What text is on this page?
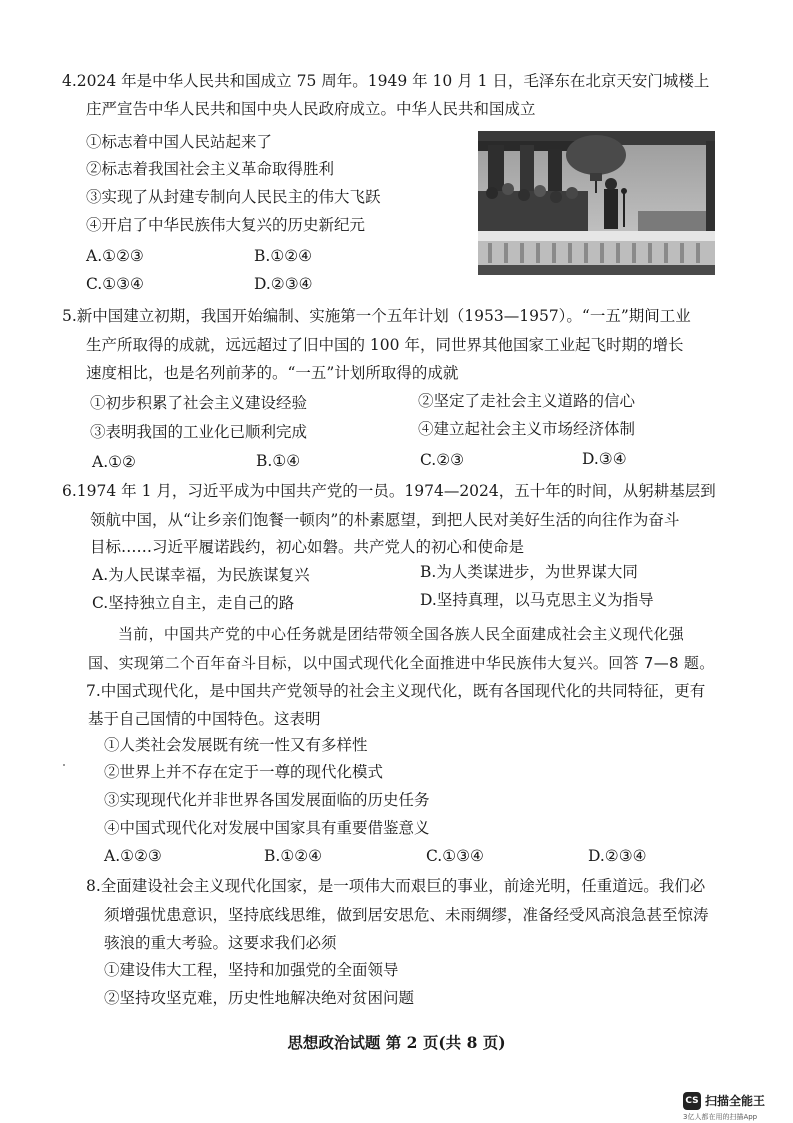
4.2024 年是中华人民共和国成立 75 周年。1949 年 10 月 1 日，毛泽东在北京天安门城楼上
庄严宣告中华人民共和国中央人民政府成立。中华人民共和国成立
①标志着中国人民站起来了
②标志着我国社会主义革命取得胜利
③实现了从封建专制向人民民主的伟大飞跃
④开启了中华民族伟大复兴的历史新纪元
A.①②③	B.①②④
C.①③④	D.②③④
5.新中国建立初期，我国开始编制、实施第一个五年计划（1953—1957）。“一五”期间工业
生产所取得的成就，远远超过了旧中国的 100 年，同世界其他国家工业起飞时期的增长
速度相比，也是名列前茅的。“一五”计划所取得的成就
①初步积累了社会主义建设经验	②坚定了走社会主义道路的信心
③表明我国的工业化已顺利完成	④建立起社会主义市场经济体制
A.①②	B.①④	C.②③	D.③④
6.1974 年 1 月，习近平成为中国共产党的一员。1974—2024，五十年的时间，从躬耕基层到
领航中国，从“让乡亲们饱餐一顿肉”的朴素愿望，到把人民对美好生活的向往作为奋斗
目标……习近平履诺践约，初心如磐。共产党人的初心和使命是
A.为人民谋幸福，为民族谋复兴	B.为人类谋进步，为世界谋大同
C.坚持独立自主，走自己的路	D.坚持真理，以马克思主义为指导
当前，中国共产党的中心任务就是团结带领全国各族人民全面建成社会主义现代化强
国、实现第二个百年奋斗目标，以中国式现代化全面推进中华民族伟大复兴。回答 7—8 题。
7.中国式现代化，是中国共产党领导的社会主义现代化，既有各国现代化的共同特征，更有
基于自己国情的中国特色。这表明
①人类社会发展既有统一性又有多样性
②世界上并不存在定于一尊的现代化模式
③实现现代化并非世界各国发展面临的历史任务
④中国式现代化对发展中国家具有重要借鉴意义
A.①②③	B.①②④	C.①③④	D.②③④
8.全面建设社会主义现代化国家，是一项伟大而艰巨的事业，前途光明，任重道远。我们必
须增强忧患意识，坚持底线思维，做到居安思危、未雨绸缪，准备经受风高浪急甚至惊涛
骇浪的重大考验。这要求我们必须
①建设伟大工程，坚持和加强党的全面领导
②坚持攻坚克难，历史性地解决绝对贫困问题
思想政治试题 第 2 页(共 8 页)
CS 扫描全能王
3亿人都在用的扫描App
